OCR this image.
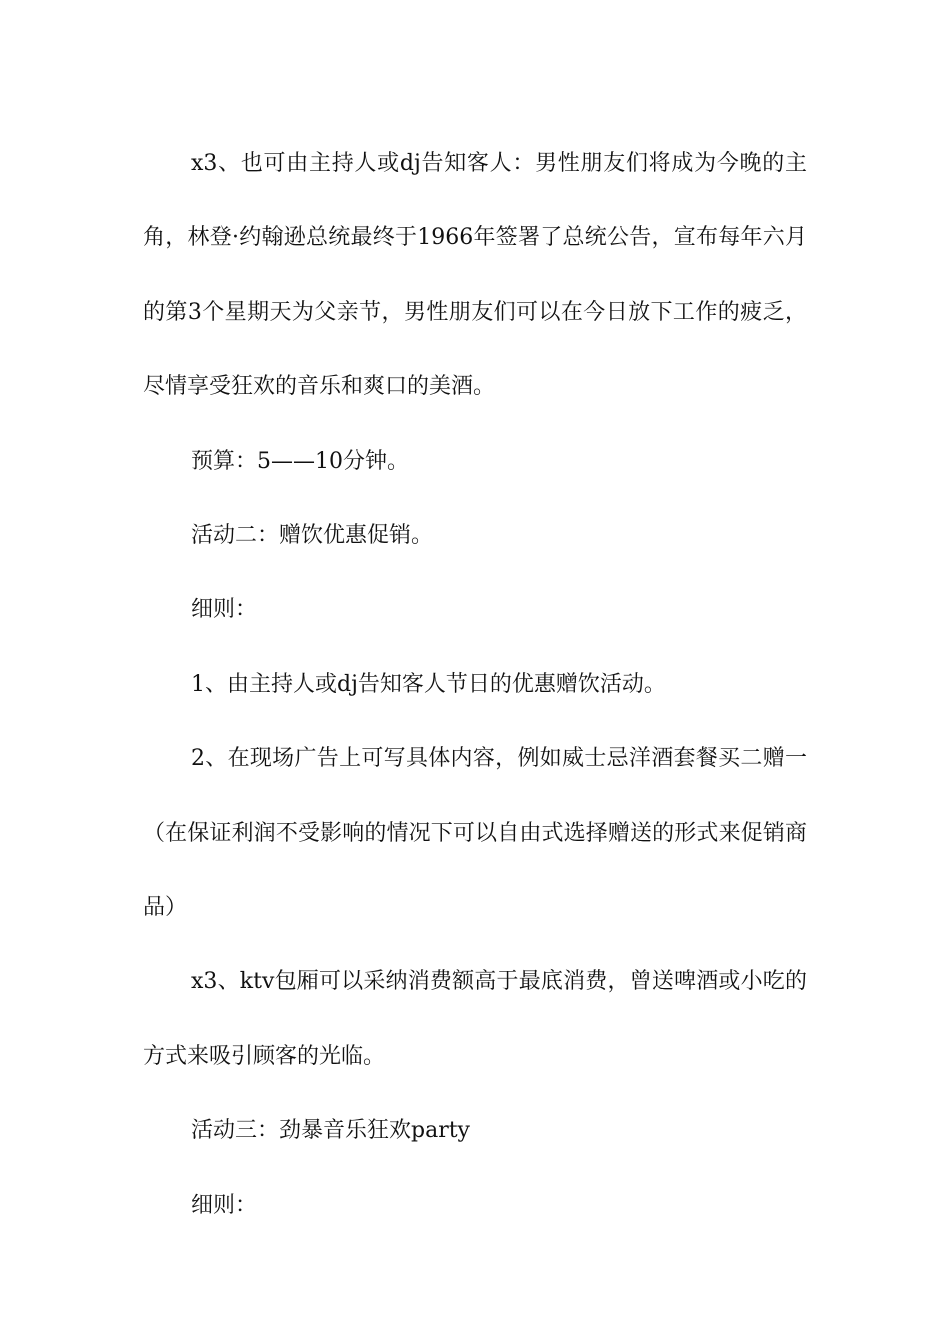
x3、也可由主持人或dj告知客人：男性朋友们将成为今晚的主角，林登·约翰逊总统最终于1966年签署了总统公告，宣布每年六月的第3个星期天为父亲节，男性朋友们可以在今日放下工作的疲乏，尽情享受狂欢的音乐和爽口的美酒。

预算：5——10分钟。

活动二：赠饮优惠促销。

细则：

1、由主持人或dj告知客人节日的优惠赠饮活动。

2、在现场广告上可写具体内容，例如威士忌洋酒套餐买二赠一（在保证利润不受影响的情况下可以自由式选择赠送的形式来促销商品）

x3、ktv包厢可以采纳消费额高于最底消费，曾送啤酒或小吃的方式来吸引顾客的光临。

活动三：劲暴音乐狂欢party

细则：
